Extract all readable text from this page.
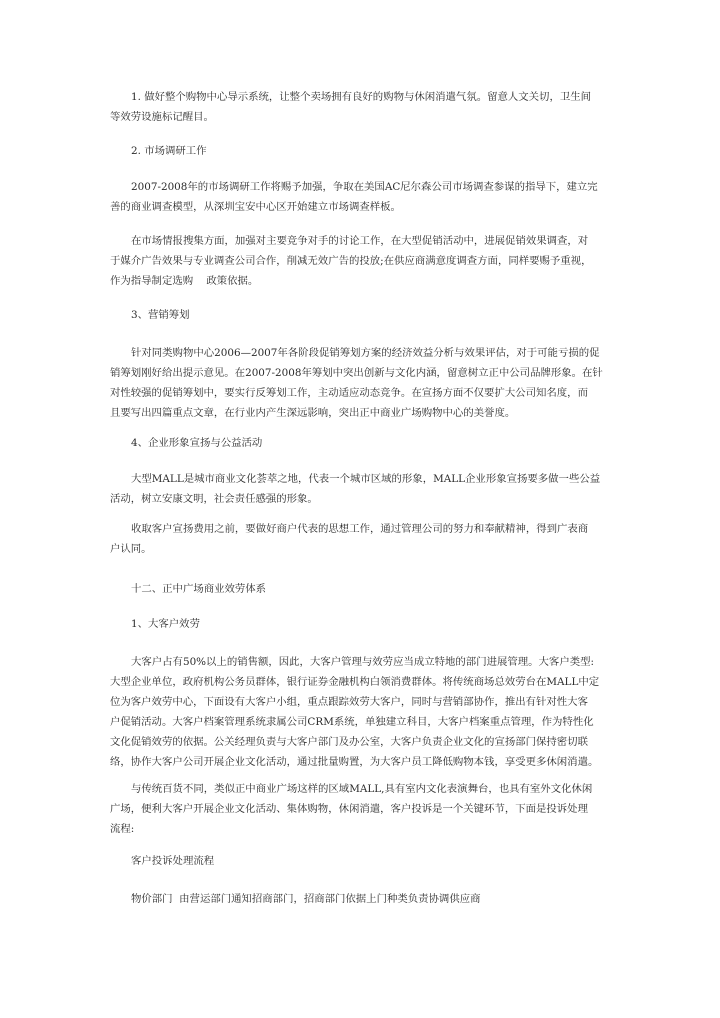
1. 做好整个购物中心导示系统，让整个卖场拥有良好的购物与休闲消遣气氛。留意人文关切，卫生间
等效劳设施标记醒目。
2. 市场调研工作
2007-2008年的市场调研工作将赐予加强，争取在美国AC尼尔森公司市场调查参谋的指导下，建立完
善的商业调查模型，从深圳宝安中心区开始建立市场调查样板。
在市场情报搜集方面，加强对主要竞争对手的讨论工作，在大型促销活动中，进展促销效果调查，对
于媒介广告效果与专业调查公司合作，削减无效广告的投放;在供应商满意度调查方面，同样要赐予重视，
作为指导制定选购    政策依据。
3、营销筹划
针对同类购物中心2006—2007年各阶段促销筹划方案的经济效益分析与效果评估，对于可能亏损的促
销筹划刚好给出提示意见。在2007-2008年筹划中突出创新与文化内涵，留意树立正中公司品牌形象。在针
对性较强的促销筹划中，要实行反筹划工作，主动适应动态竞争。在宣扬方面不仅要扩大公司知名度，而
且要写出四篇重点文章，在行业内产生深远影响，突出正中商业广场购物中心的美誉度。
4、企业形象宣扬与公益活动
大型MALL是城市商业文化荟萃之地，代表一个城市区域的形象，MALL企业形象宣扬要多做一些公益
活动，树立安康文明，社会责任感强的形象。
收取客户宣扬费用之前，要做好商户代表的思想工作，通过管理公司的努力和奉献精神，得到广表商
户认同。
十二、正中广场商业效劳体系
1、大客户效劳
大客户占有50%以上的销售额，因此，大客户管理与效劳应当成立特地的部门进展管理。大客户类型:
大型企业单位，政府机构公务员群体，银行证券金融机构白领消费群体。将传统商场总效劳台在MALL中定
位为客户效劳中心，下面设有大客户小组，重点跟踪效劳大客户，同时与营销部协作，推出有针对性大客
户促销活动。大客户档案管理系统隶属公司CRM系统，单独建立科目，大客户档案重点管理，作为特性化
文化促销效劳的依据。公关经理负责与大客户部门及办公室，大客户负责企业文化的宣扬部门保持密切联
络，协作大客户公司开展企业文化活动，通过批量购置，为大客户员工降低购物本钱，享受更多休闲消遣。
与传统百货不同，类似正中商业广场这样的区域MALL,具有室内文化表演舞台，也具有室外文化休闲
广场，便利大客户开展企业文化活动、集体购物，休闲消遣，客户投诉是一个关键环节，下面是投诉处理
流程:
客户投诉处理流程
物价部门  由营运部门通知招商部门，招商部门依据上门种类负责协调供应商
